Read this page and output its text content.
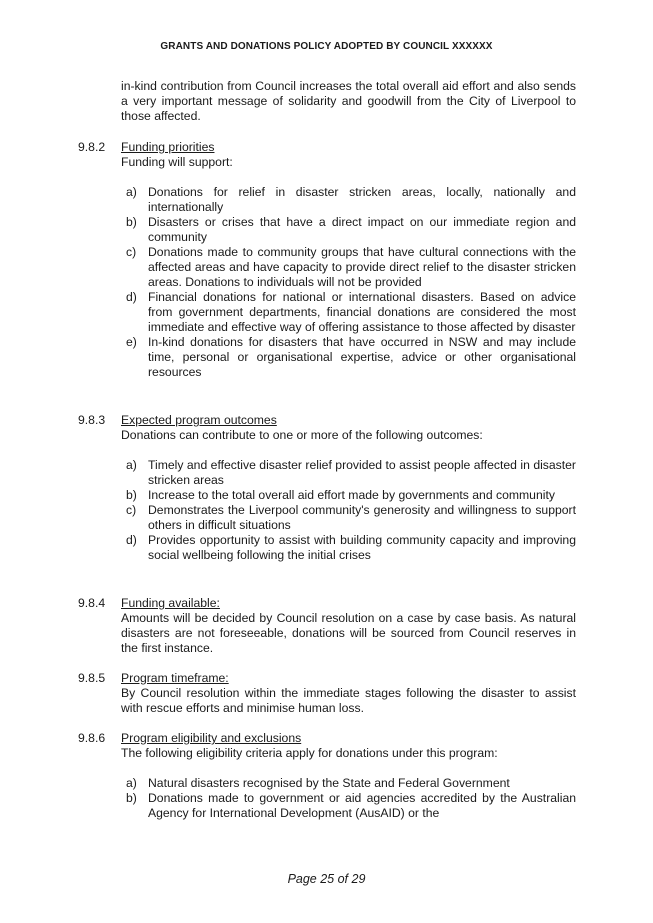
GRANTS AND DONATIONS POLICY ADOPTED BY COUNCIL XXXXXX
in-kind contribution from Council increases the total overall aid effort and also sends a very important message of solidarity and goodwill from the City of Liverpool to those affected.
9.8.2 Funding priorities
Funding will support:
a) Donations for relief in disaster stricken areas, locally, nationally and internationally
b) Disasters or crises that have a direct impact on our immediate region and community
c) Donations made to community groups that have cultural connections with the affected areas and have capacity to provide direct relief to the disaster stricken areas. Donations to individuals will not be provided
d) Financial donations for national or international disasters. Based on advice from government departments, financial donations are considered the most immediate and effective way of offering assistance to those affected by disaster
e) In-kind donations for disasters that have occurred in NSW and may include time, personal or organisational expertise, advice or other organisational resources
9.8.3 Expected program outcomes
Donations can contribute to one or more of the following outcomes:
a) Timely and effective disaster relief provided to assist people affected in disaster stricken areas
b) Increase to the total overall aid effort made by governments and community
c) Demonstrates the Liverpool community's generosity and willingness to support others in difficult situations
d) Provides opportunity to assist with building community capacity and improving social wellbeing following the initial crises
9.8.4 Funding available:
Amounts will be decided by Council resolution on a case by case basis. As natural disasters are not foreseeable, donations will be sourced from Council reserves in the first instance.
9.8.5 Program timeframe:
By Council resolution within the immediate stages following the disaster to assist with rescue efforts and minimise human loss.
9.8.6 Program eligibility and exclusions
The following eligibility criteria apply for donations under this program:
a) Natural disasters recognised by the State and Federal Government
b) Donations made to government or aid agencies accredited by the Australian Agency for International Development (AusAID) or the
Page 25 of 29
